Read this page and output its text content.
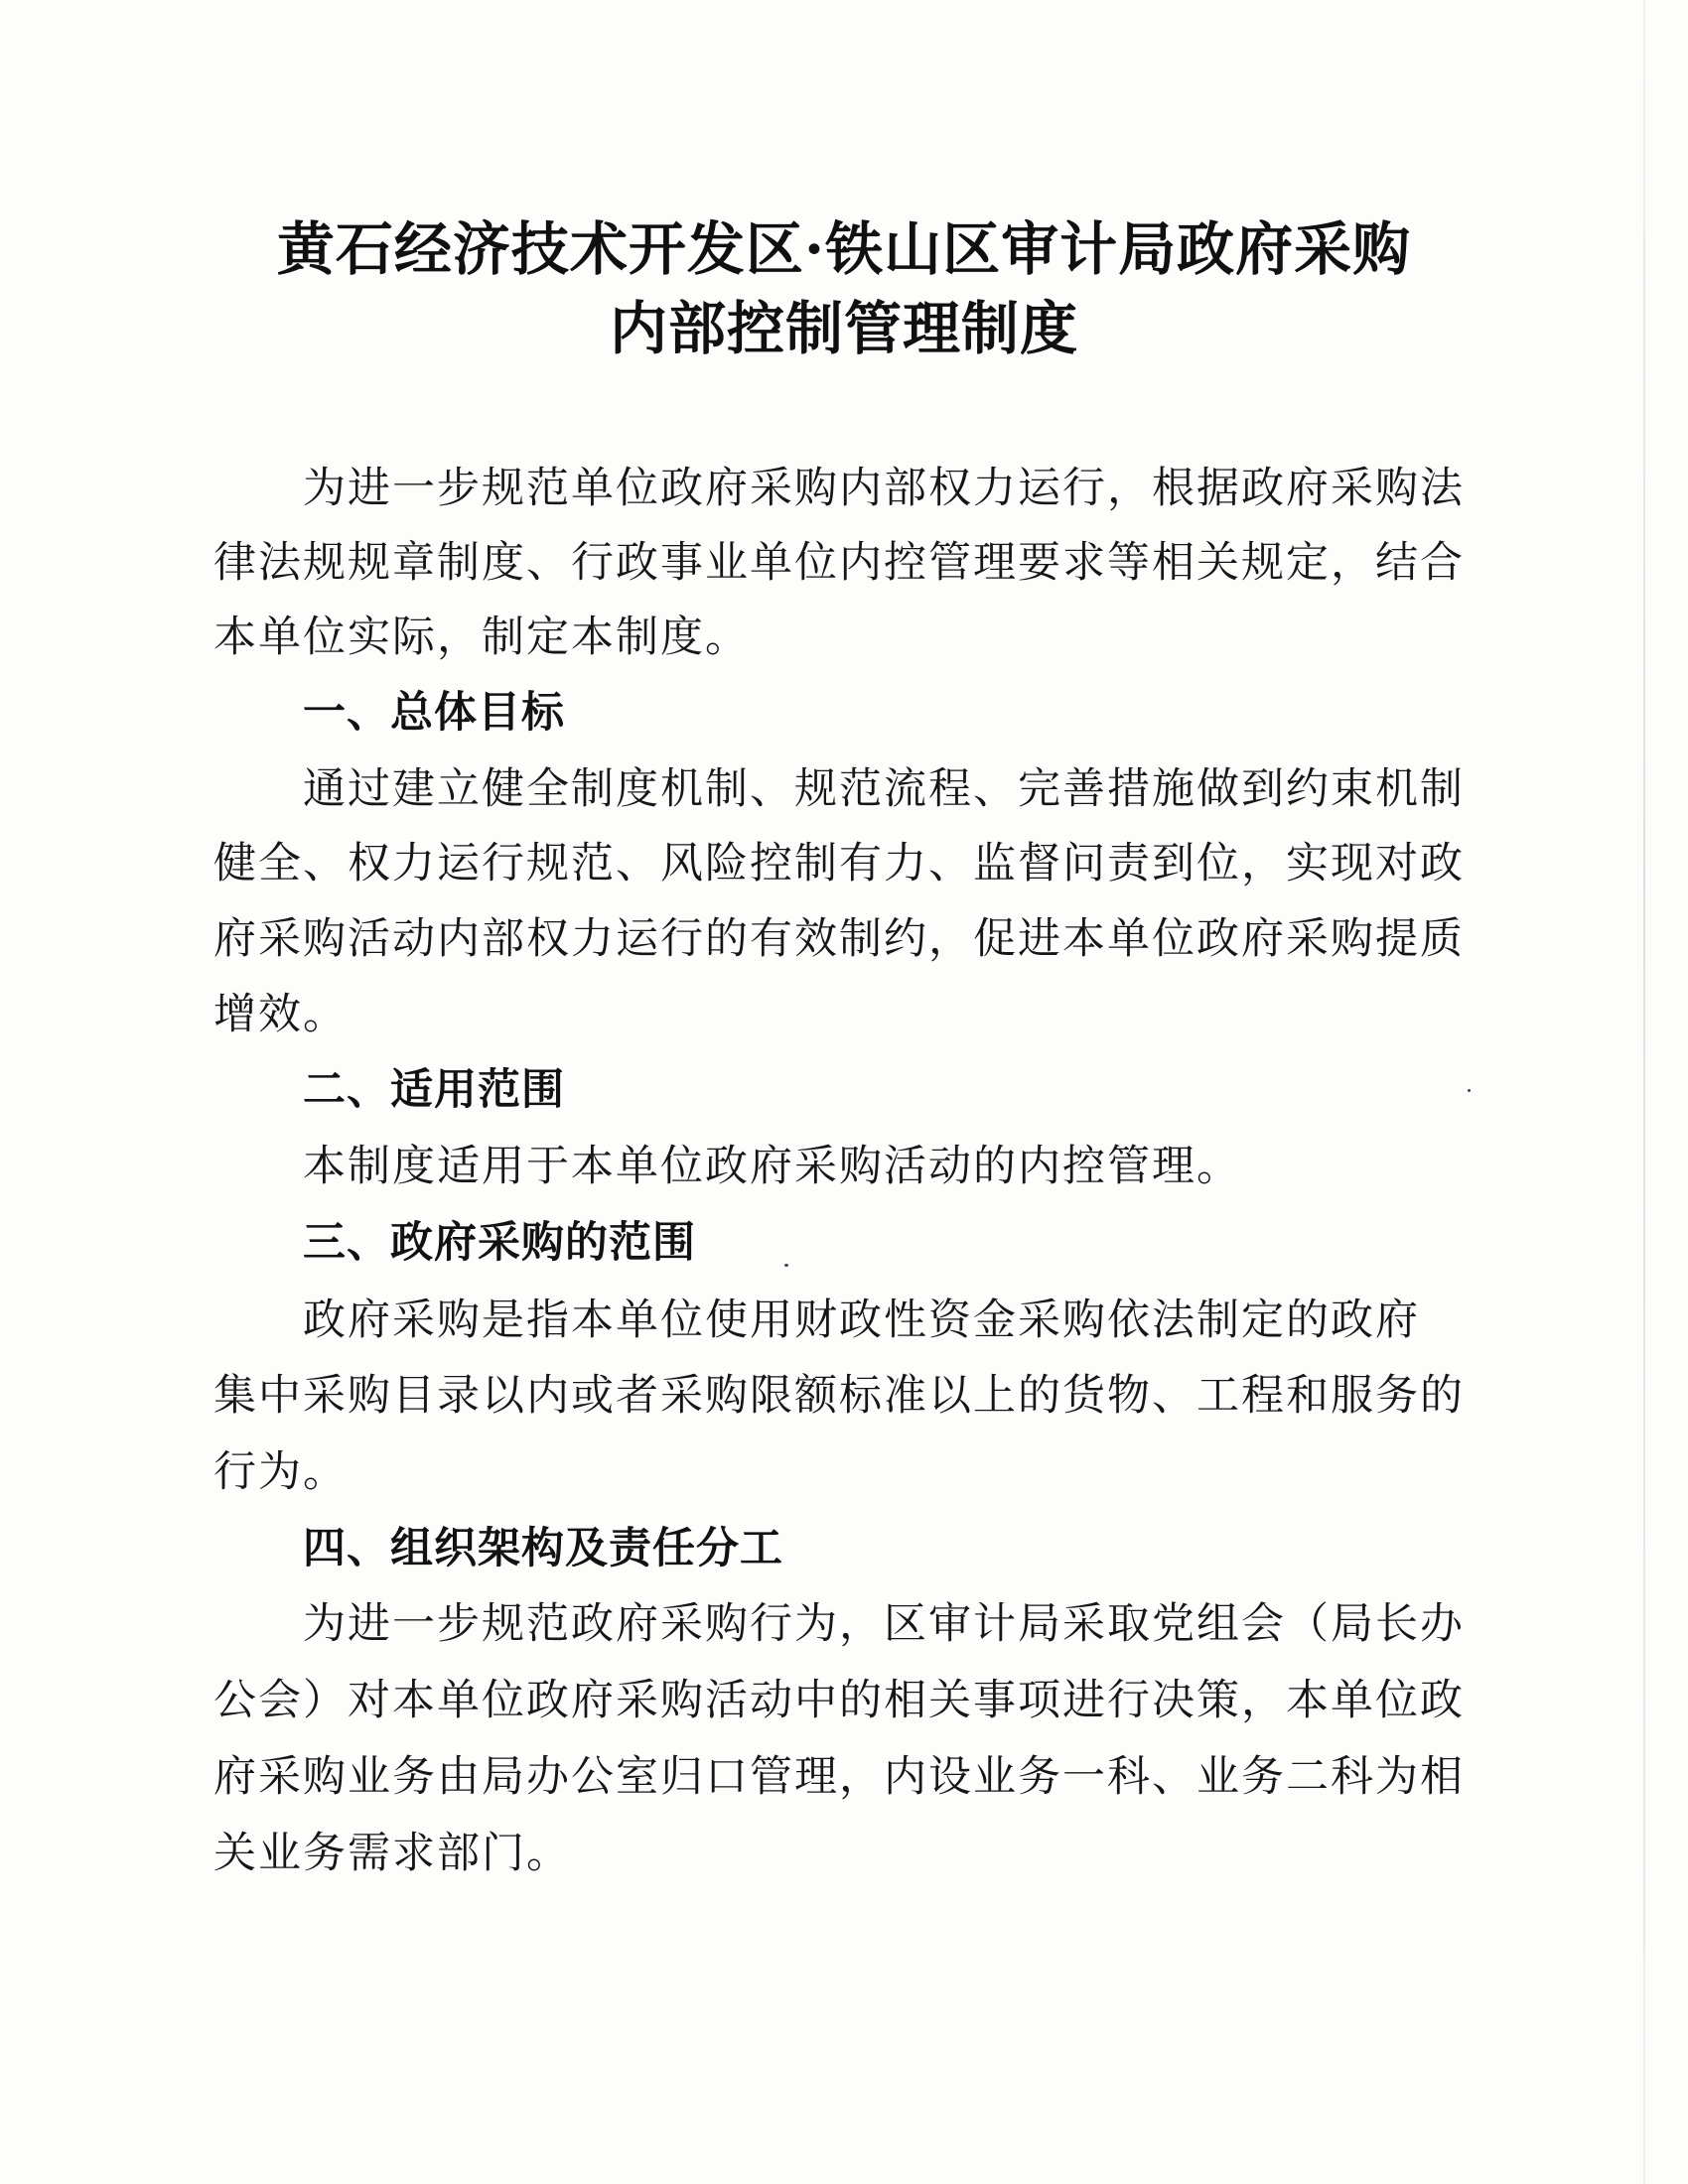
黄石经济技术开发区·铁山区审计局政府采购
内部控制管理制度
为进一步规范单位政府采购内部权力运行，根据政府采购法
律法规规章制度、行政事业单位内控管理要求等相关规定，结合
本单位实际，制定本制度。
一、总体目标
通过建立健全制度机制、规范流程、完善措施做到约束机制
健全、权力运行规范、风险控制有力、监督问责到位，实现对政
府采购活动内部权力运行的有效制约，促进本单位政府采购提质
增效。
二、适用范围
本制度适用于本单位政府采购活动的内控管理。
三、政府采购的范围
政府采购是指本单位使用财政性资金采购依法制定的政府
集中采购目录以内或者采购限额标准以上的货物、工程和服务的
行为。
四、组织架构及责任分工
为进一步规范政府采购行为，区审计局采取党组会（局长办
公会）对本单位政府采购活动中的相关事项进行决策，本单位政
府采购业务由局办公室归口管理，内设业务一科、业务二科为相
关业务需求部门。
